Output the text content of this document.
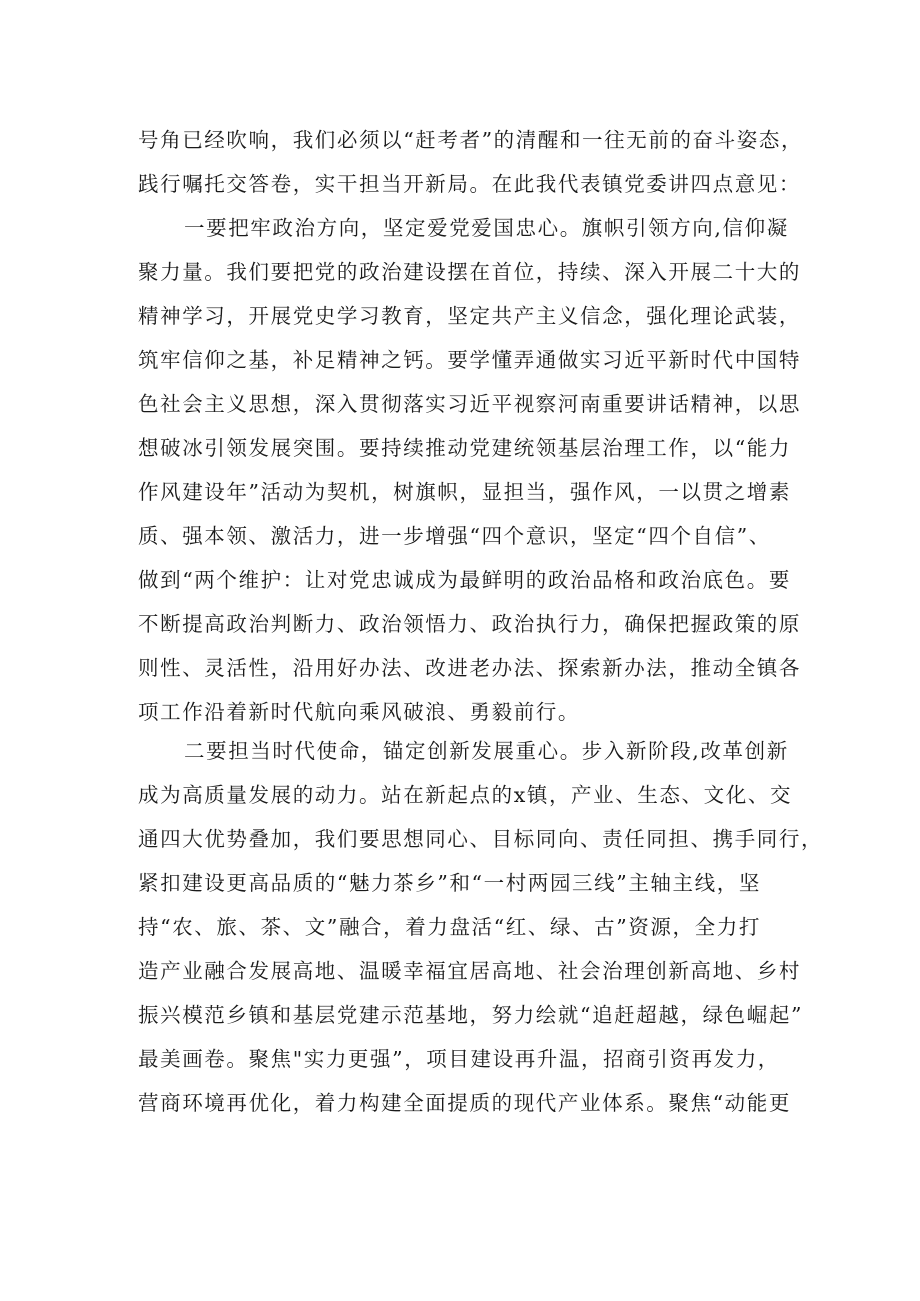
号角已经吹响，我们必须以“赶考者”的清醒和一往无前的奋斗姿态，
践行嘱托交答卷，实干担当开新局。在此我代表镇党委讲四点意见：
一要把牢政治方向，坚定爱党爱国忠心。旗帜引领方向,信仰凝
聚力量。我们要把党的政治建设摆在首位，持续、深入开展二十大的
精神学习，开展党史学习教育，坚定共产主义信念，强化理论武装，
筑牢信仰之基，补足精神之钙。要学懂弄通做实习近平新时代中国特
色社会主义思想，深入贯彻落实习近平视察河南重要讲话精神，以思
想破冰引领发展突围。要持续推动党建统领基层治理工作，以“能力
作风建设年”活动为契机，树旗帜，显担当，强作风，一以贯之增素
质、强本领、激活力，进一步增强“四个意识，坚定“四个自信”、
做到“两个维护：让对党忠诚成为最鲜明的政治品格和政治底色。要
不断提高政治判断力、政治领悟力、政治执行力，确保把握政策的原
则性、灵活性，沿用好办法、改进老办法、探索新办法，推动全镇各
项工作沿着新时代航向乘风破浪、勇毅前行。
二要担当时代使命，锚定创新发展重心。步入新阶段,改革创新
成为高质量发展的动力。站在新起点的x镇，产业、生态、文化、交
通四大优势叠加，我们要思想同心、目标同向、责任同担、携手同行，
紧扣建设更高品质的“魅力茶乡”和“一村两园三线”主轴主线，坚
持“农、旅、茶、文”融合，着力盘活“红、绿、古”资源，全力打
造产业融合发展高地、温暖幸福宜居高地、社会治理创新高地、乡村
振兴模范乡镇和基层党建示范基地，努力绘就“追赶超越，绿色崛起”
最美画卷。聚焦"实力更强”，项目建设再升温，招商引资再发力，
营商环境再优化，着力构建全面提质的现代产业体系。聚焦“动能更
